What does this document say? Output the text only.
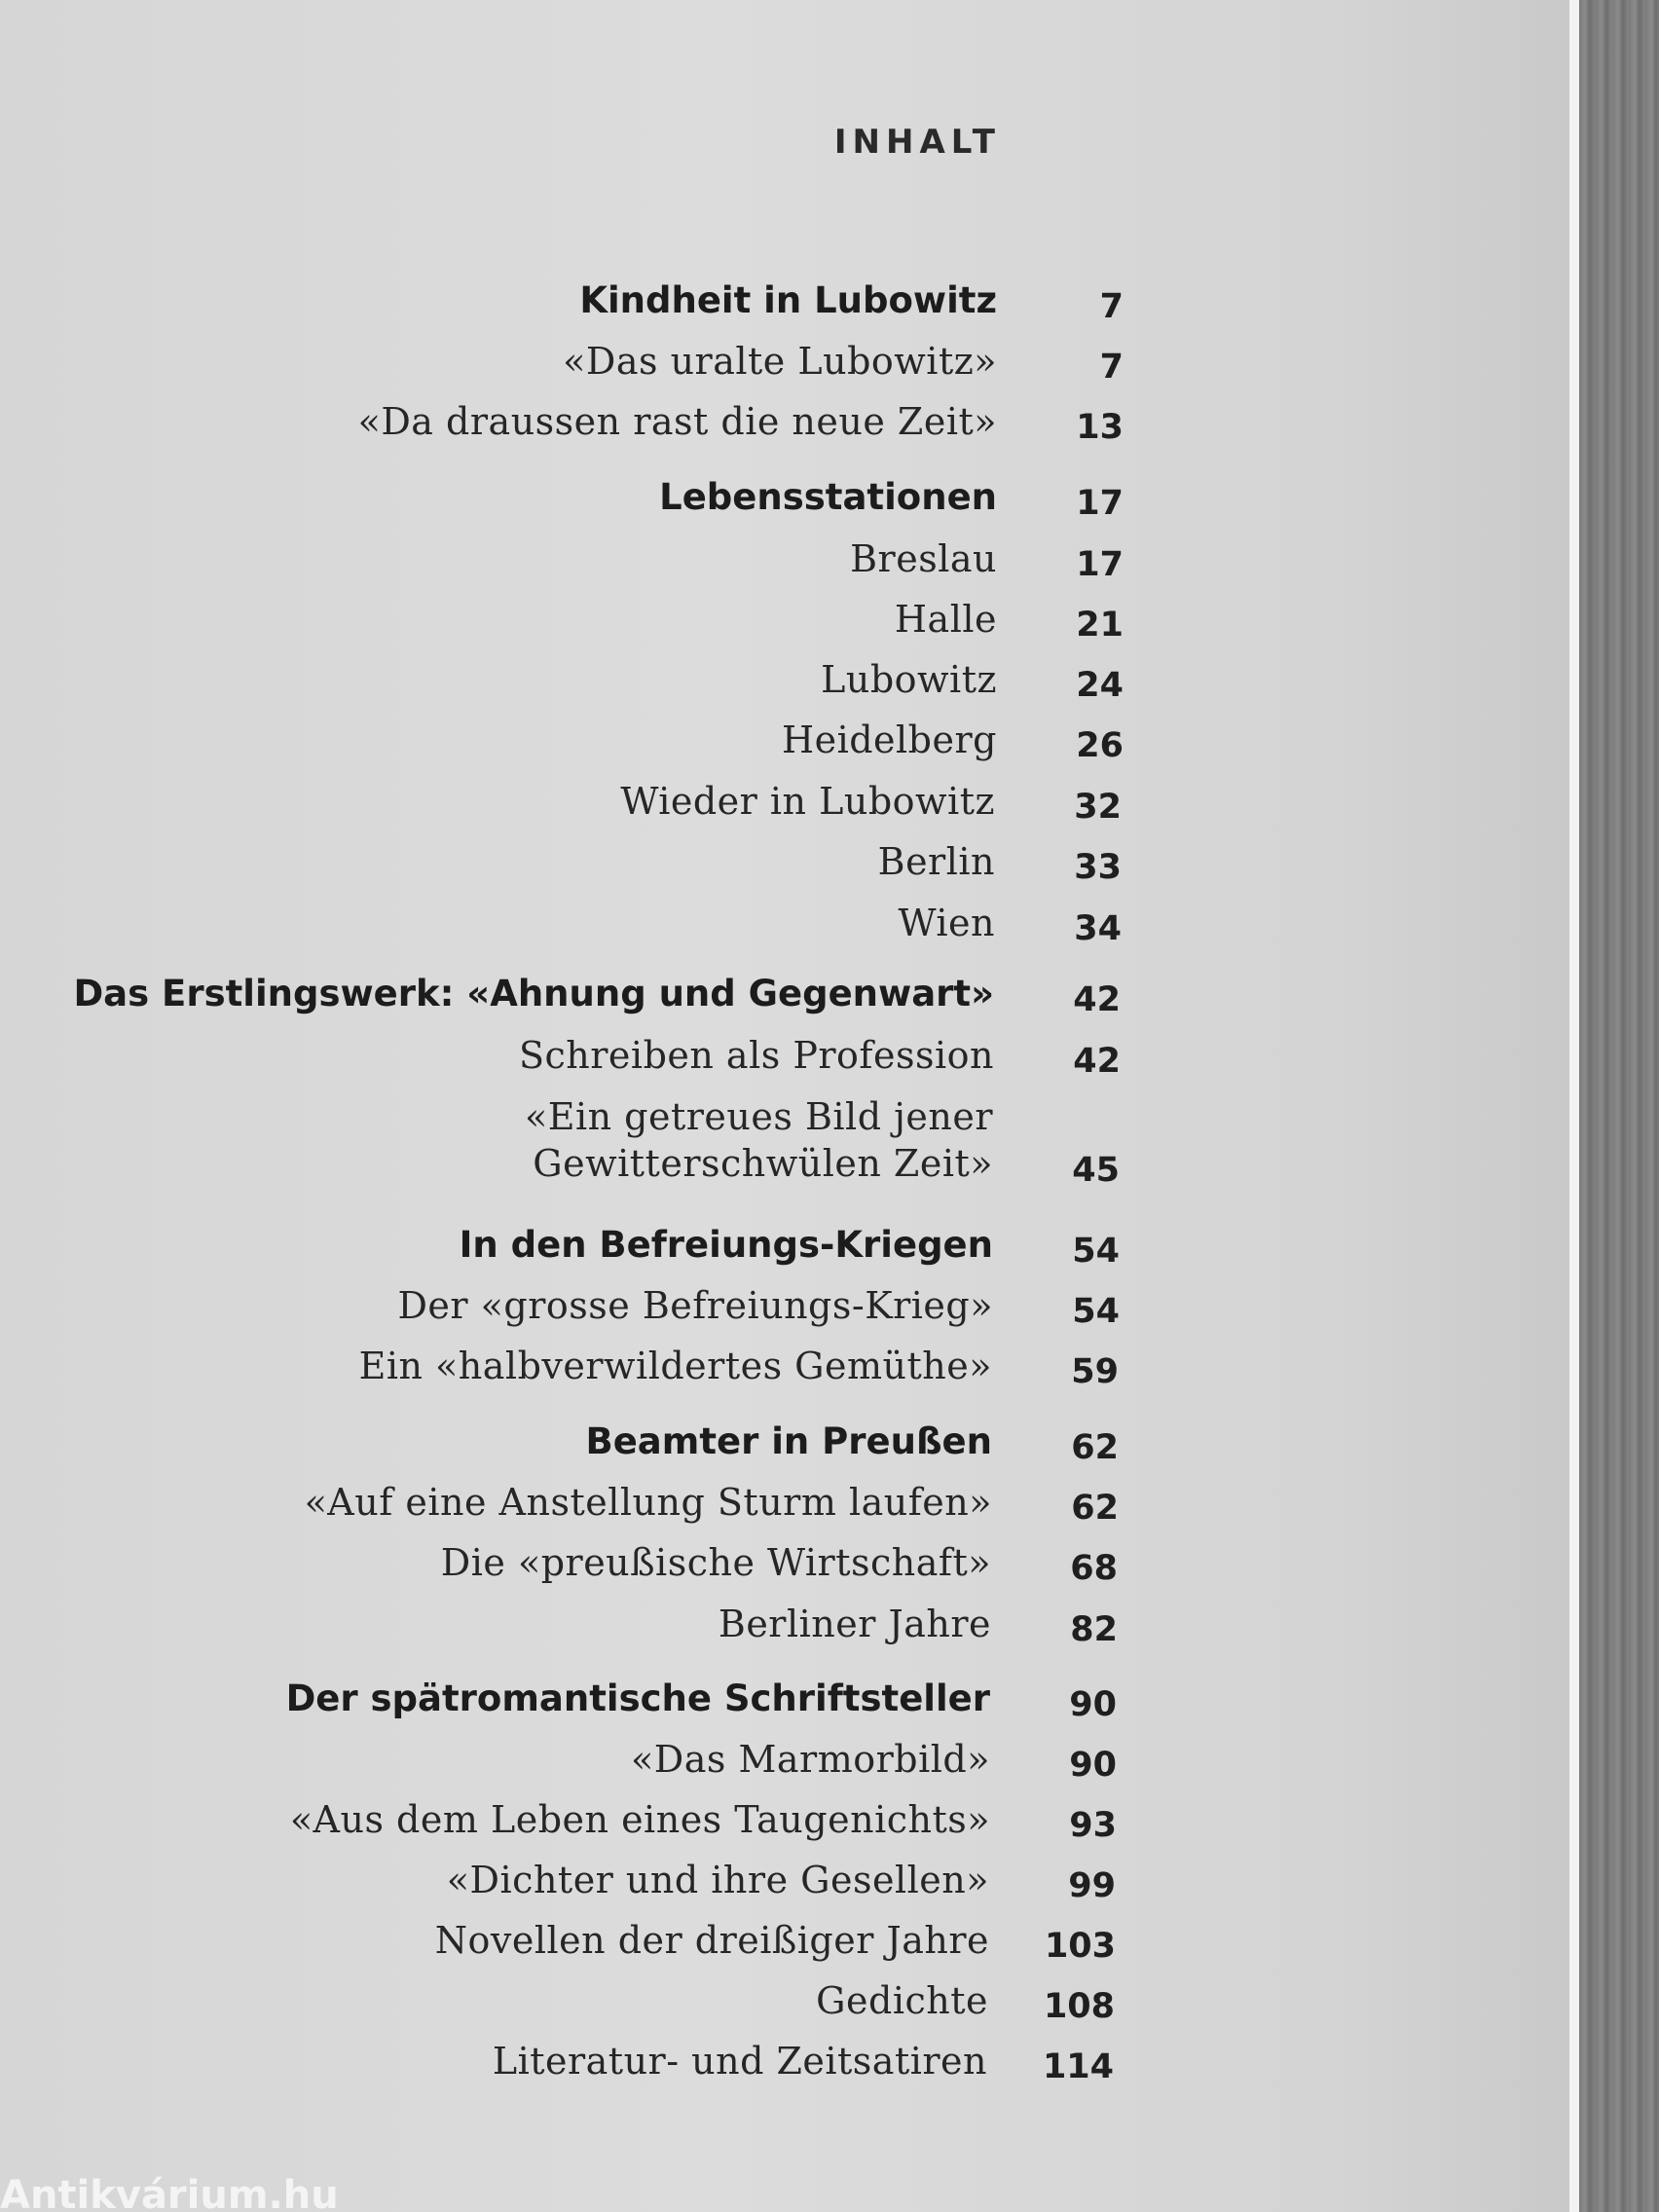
INHALT
Kindheit in Lubowitz	7
«Das uralte Lubowitz»	7
«Da draussen rast die neue Zeit» 13
Lebensstationen 17
Breslau 17
Halle 21
Lubowitz 24
Heidelberg 26
Wieder in Lubowitz 32
Berlin 33
Wien 34
Das Erstlingswerk: «Ahnung und Gegenwart» 42
Schreiben als Profession 42
«Ein getreues Bild jener
Gewitterschwülen Zeit» 45
In den Befreiungs-Kriegen 54
Der «grosse Befreiungs-Krieg» 54
Ein «halbverwildertes Gemüthe» 59
Beamter in Preußen 62
«Auf eine Anstellung Sturm laufen» 62
Die «preußische Wirtschaft» 68
Berliner Jahre 82
Der spätromantische Schriftsteller 90
«Das Marmorbild» 90
«Aus dem Leben eines Taugenichts» 93
«Dichter und ihre Gesellen» 99
Novellen der dreißiger Jahre 103
Gedichte 108
Literatur- und Zeitsatiren 114
Antikvárium.hu
